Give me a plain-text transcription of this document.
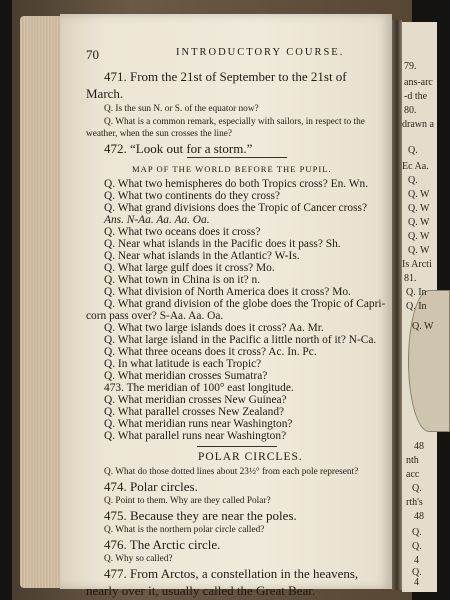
70	INTRODUCTORY COURSE.
471. From the 21st of September to the 21st of
March.
Q. Is the sun N. or S. of the equator now?
Q. What is a common remark, especially with sailors, in respect to the
weather, when the sun crosses the line?
472. “Look out for a storm.”
MAP OF THE WORLD BEFORE THE PUPIL.
Q. What two hemispheres do both Tropics cross? En. Wn.
Q. What two continents do they cross?
Q. What grand divisions does the Tropic of Cancer cross?
Ans. N-Aa. Aa. Aa. Oa.
Q. What two oceans does it cross?
Q. Near what islands in the Pacific does it pass? Sh.
Q. Near what islands in the Atlantic? W-Is.
Q. What large gulf does it cross? Mo.
Q. What town in China is on it? n.
Q. What division of North America does it cross? Mo.
Q. What grand division of the globe does the Tropic of Capri-
corn pass over? S-Aa. Aa. Oa.
Q. What two large islands does it cross? Aa. Mr.
Q. What large island in the Pacific a little north of it? N-Ca.
Q. What three oceans does it cross? Ac. In. Pc.
Q. In what latitude is each Tropic?
Q. What meridian crosses Sumatra?
473. The meridian of 100° east longitude.
Q. What meridian crosses New Guinea?
Q. What parallel crosses New Zealand?
Q. What meridian runs near Washington?
Q. What parallel runs near Washington?
POLAR CIRCLES.
Q. What do those dotted lines about 23½° from each pole represent?
474. Polar circles.
Q. Point to them. Why are they called Polar?
475. Because they are near the poles.
Q. What is the northern polar circle called?
476. The Arctic circle.
Q. Why so called?
477. From Arctos, a constellation in the heavens,
nearly over it, usually called the Great Bear.
79.
ans-arc
-d the
80.
drawn a
Q.
Ec Aa.
Q.
Q. W
Q. W
Q. W
Q. W
Q. W
Is Arcti
81.
Q. In
Q. In
Q. W
48
nth
acc
Q.
rth's
48
Q.
Q.
4
Q.
4
